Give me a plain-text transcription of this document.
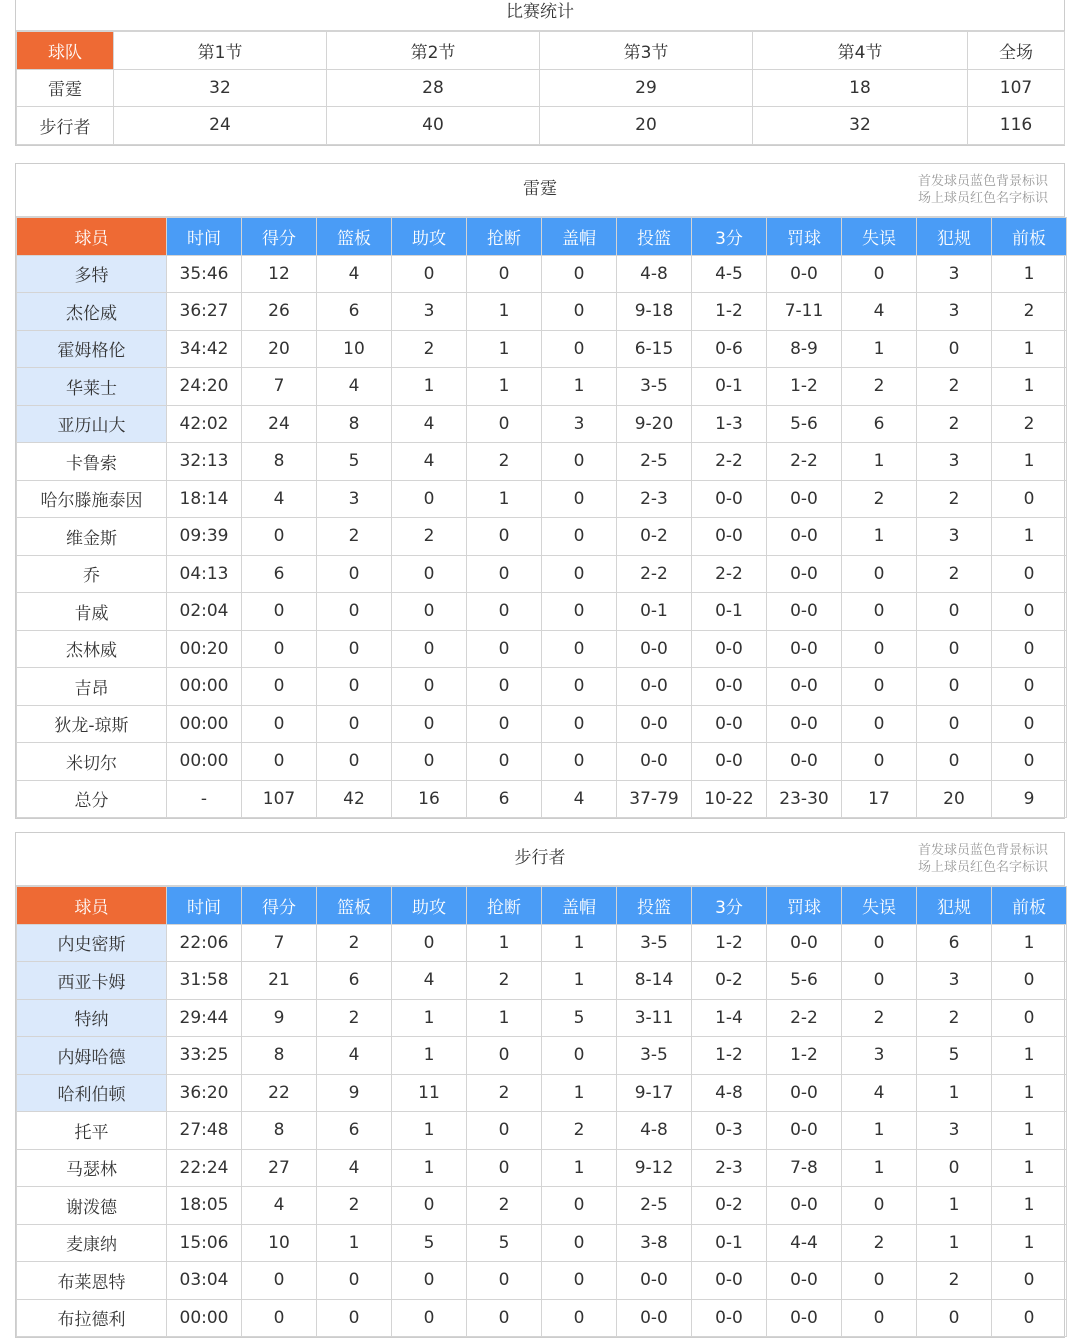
比赛统计
球队	第1节	第2节	第3节	第4节	全场
雷霆	32	28	29	18	107
步行者	24	40	20	32	116
雷霆	首发球员蓝色背景标识
场上球员红色名字标识
球员	时间	得分	篮板	助攻	抢断	盖帽	投篮	3分	罚球	失误	犯规	前板
多特	35:46	12	4	0	0	0	4-8	4-5	0-0	0	3	1
杰伦威	36:27	26	6	3	1	0	9-18	1-2	7-11	4	3	2
霍姆格伦	34:42	20	10	2	1	0	6-15	0-6	8-9	1	0	1
华莱士	24:20	7	4	1	1	1	3-5	0-1	1-2	2	2	1
亚历山大	42:02	24	8	4	0	3	9-20	1-3	5-6	6	2	2
卡鲁索	32:13	8	5	4	2	0	2-5	2-2	2-2	1	3	1
哈尔滕施泰因	18:14	4	3	0	1	0	2-3	0-0	0-0	2	2	0
维金斯	09:39	0	2	2	0	0	0-2	0-0	0-0	1	3	1
乔	04:13	6	0	0	0	0	2-2	2-2	0-0	0	2	0
肯威	02:04	0	0	0	0	0	0-1	0-1	0-0	0	0	0
杰林威	00:20	0	0	0	0	0	0-0	0-0	0-0	0	0	0
吉昂	00:00	0	0	0	0	0	0-0	0-0	0-0	0	0	0
狄龙-琼斯	00:00	0	0	0	0	0	0-0	0-0	0-0	0	0	0
米切尔	00:00	0	0	0	0	0	0-0	0-0	0-0	0	0	0
总分	-	107	42	16	6	4	37-79	10-22	23-30	17	20	9
步行者	首发球员蓝色背景标识
场上球员红色名字标识
球员	时间	得分	篮板	助攻	抢断	盖帽	投篮	3分	罚球	失误	犯规	前板
内史密斯	22:06	7	2	0	1	1	3-5	1-2	0-0	0	6	1
西亚卡姆	31:58	21	6	4	2	1	8-14	0-2	5-6	0	3	0
特纳	29:44	9	2	1	1	5	3-11	1-4	2-2	2	2	0
内姆哈德	33:25	8	4	1	0	0	3-5	1-2	1-2	3	5	1
哈利伯顿	36:20	22	9	11	2	1	9-17	4-8	0-0	4	1	1
托平	27:48	8	6	1	0	2	4-8	0-3	0-0	1	3	1
马瑟林	22:24	27	4	1	0	1	9-12	2-3	7-8	1	0	1
谢泼德	18:05	4	2	0	2	0	2-5	0-2	0-0	0	1	1
麦康纳	15:06	10	1	5	5	0	3-8	0-1	4-4	2	1	1
布莱恩特	03:04	0	0	0	0	0	0-0	0-0	0-0	0	2	0
布拉德利	00:00	0	0	0	0	0	0-0	0-0	0-0	0	0	0
